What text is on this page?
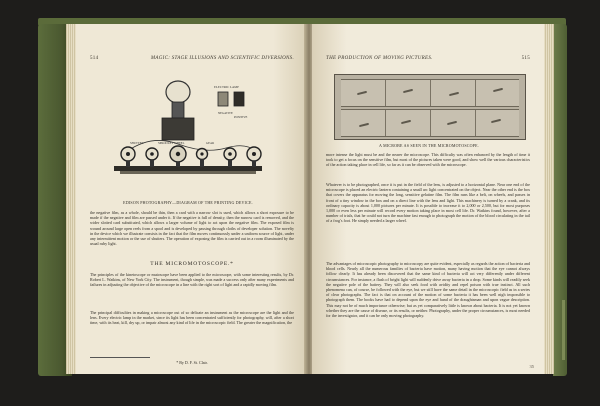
514	MAGIC: STAGE ILLUSIONS AND SCIENTIFIC DIVERSIONS.
ELECTRIC LAMP
NEGATIVE
POSITIVE
SPROCKET WHEEL	GEAR
SHUTTER
EDISON PHOTOGRAPHY—DIAGRAM OF THE PRINTING DEVICE.

the negative film, as a whole, should be thin, then a card with a narrow slot is used, which allows a short exposure to be made if the negative and film are passed under it. If the negative is full of density, then the narrow card is removed, and the wider slotted card substituted, which allows a larger volume of light to act upon the negative film. The exposed film is wound around large open reels from a spool and is developed by passing through cloths of developer solution. The novelty in the device which we illustrate consists in the fact that the film moves continuously under a uniform source of light, under any intermittent motion or the use of shutters. The operation of exposing the film is carried out in a room illuminated by the usual ruby light.

THE MICROMOTOSCOPE.*

The principles of the kinetoscope or mutoscope have been applied to the microscope, with some interesting results, by Dr. Robert L. Watkins, of New York City. The instrument, though simple, was made a success only after many experiments and failures in adjusting the objective of the microscope in a line with the right sort of light and a rapidly moving film.

The principal difficulties in making a microscope out of so delicate an instrument as the microscope are the light and the lens. Every electric lamp in the market, since its light has been concentrated sufficiently for photography, will, after a short time, with its heat, kill, dry up, or impair almost any kind of life in the microscopic field. The greater the magnification, the

* By D. F. St. Clair.
THE PRODUCTION OF MOVING PICTURES.	515
A MICROBE AS SEEN IN THE MICROMOTOSCOPE.

more intense the light must be and the nearer the microscope. This difficulty was often enhanced by the length of time it took to get a focus on the sensitive film, but most of the pictures taken were good, and show well the various characteristics of the action taking place in cell life, so far as it can be observed with the microscope.

Whatever is to be photographed, once it is put in the field of the lens, is adjusted to a horizontal plane. Near one end of the microscope is placed an electric lantern containing a small arc light concentrated on the object. Near the other end is the box that covers the apparatus for moving the long, sensitive gelatine film. The film runs like a belt, on wheels, and passes in front of a tiny window in the box and on a direct line with the lens and light. This machinery is turned by a crank, and its ordinary capacity is about 1,000 pictures per minute. It is possible to increase it to 2,000 or 2,500, but for most purposes 1,000 or even less per minute will record every motion taking place in most cell life. Dr. Watkins found, however, after a number of trials, that he could not turn the machine fast enough to photograph the motion of the blood circulating in the tail of a frog's foot. He simply needed a larger wheel.

The advantages of microscopic photography to microscopy are quite evident, especially as regards the action of bacteria and blood cells. Nearly all the numerous families of bacteria have motion, many having motion that the eye cannot always follow clearly. It has already been discovered that the same kind of bacteria will act very differently under different circumstances. For instance, a flash of bright light will suddenly drive away bacteria in a drop. Some kinds will readily seek the negative pole of the battery. They will also seek food with avidity and repel poison with true instinct. All such phenomena can, of course, be followed with the eye, but we still have the same detail in the microscopic field as in a series of clear photographs. The fact is that on account of the motion of some bacteria it has been well nigh impossible to photograph them. The books have had to depend upon the eye and hand of the draughtsman and upon vague description. This may not be of much importance otherwise; but as yet comparatively little is known about bacteria. It is not yet known whether they are the cause of disease, or its results, or neither. Photography, under the proper circumstances, is most needed for the investigator, and it can be only moving photography.

35
